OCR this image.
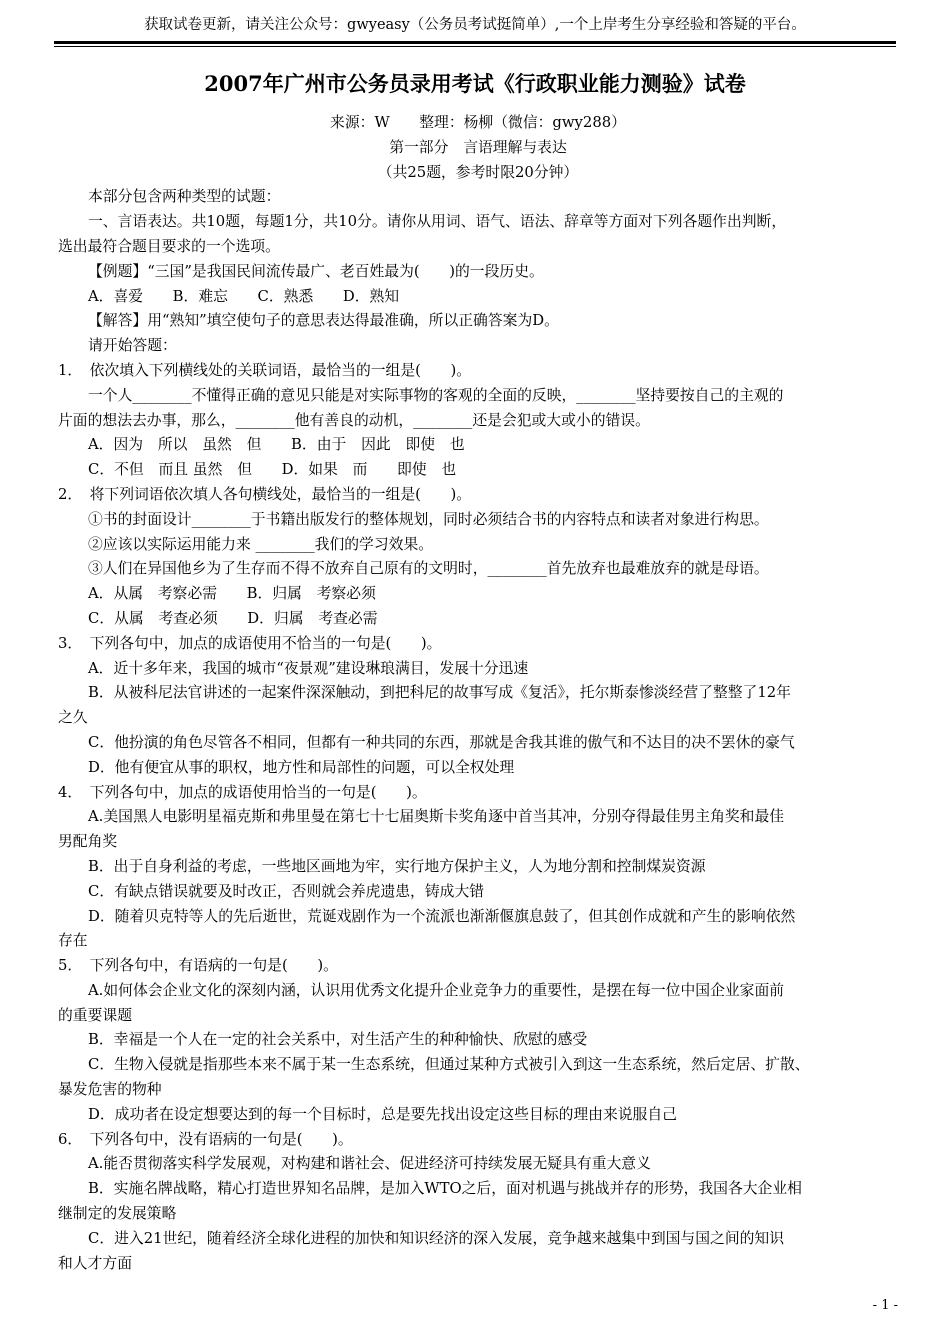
获取试卷更新，请关注公众号：gwyeasy（公务员考试挺简单）,一个上岸考生分享经验和答疑的平台。
2007年广州市公务员录用考试《行政职业能力测验》试卷
来源：W　　整理：杨柳（微信：gwy288）
第一部分　言语理解与表达
（共25题，参考时限20分钟）
本部分包含两种类型的试题：
一、言语表达。共10题，每题1分，共10分。请你从用词、语气、语法、辞章等方面对下列各题作出判断，
选出最符合题目要求的一个选项。
【例题】“三国”是我国民间流传最广、老百姓最为(　　)的一段历史。
A．喜爱　　B．难忘　　C．熟悉　　D．熟知
【解答】用“熟知”填空使句子的意思表达得最准确，所以正确答案为D。
请开始答题：
1．　依次填入下列横线处的关联词语，最恰当的一组是(　　)。
一个人________不懂得正确的意见只能是对实际事物的客观的全面的反映，________坚持要按自己的主观的
片面的想法去办事，那么，________他有善良的动机，________还是会犯或大或小的错误。
A．因为　所以　虽然　但　　B．由于　因此　即使　也
C．不但　而且 虽然　但　　D．如果　而　　即使　也
2．　将下列词语依次填人各句横线处，最恰当的一组是(　　)。
①书的封面设计________于书籍出版发行的整体规划，同时必须结合书的内容特点和读者对象进行构思。
②应该以实际运用能力来 ________我们的学习效果。
③人们在异国他乡为了生存而不得不放弃自己原有的文明时，________首先放弃也最难放弃的就是母语。
A．从属　考察必需　　B．归属　考察必须
C．从属　考查必须　　D．归属　考查必需
3．　下列各句中，加点的成语使用不恰当的一句是(　　)。
A．近十多年来，我国的城市“夜景观”建设琳琅满目，发展十分迅速
B．从被科尼法官讲述的一起案件深深触动，到把科尼的故事写成《复活》，托尔斯泰惨淡经营了整整了12年
之久
C．他扮演的角色尽管各不相同，但都有一种共同的东西，那就是舍我其谁的傲气和不达目的决不罢休的豪气
D．他有便宜从事的职权，地方性和局部性的问题，可以全权处理
4．　下列各句中，加点的成语使用恰当的一句是(　　)。
A.美国黑人电影明星福克斯和弗里曼在第七十七届奥斯卡奖角逐中首当其冲，分别夺得最佳男主角奖和最佳
男配角奖
B．出于自身利益的考虑，一些地区画地为牢，实行地方保护主义，人为地分割和控制煤炭资源
C．有缺点错误就要及时改正，否则就会养虎遗患，铸成大错
D．随着贝克特等人的先后逝世，荒诞戏剧作为一个流派也渐渐偃旗息鼓了，但其创作成就和产生的影响依然
存在
5．　下列各句中，有语病的一句是(　　)。
A.如何体会企业文化的深刻内涵，认识用优秀文化提升企业竞争力的重要性，是摆在每一位中国企业家面前
的重要课题
B．幸福是一个人在一定的社会关系中，对生活产生的种种愉快、欣慰的感受
C．生物入侵就是指那些本来不属于某一生态系统，但通过某种方式被引入到这一生态系统，然后定居、扩散、
暴发危害的物种
D．成功者在设定想要达到的每一个目标时，总是要先找出设定这些目标的理由来说服自己
6．　下列各句中，没有语病的一句是(　　)。
A.能否贯彻落实科学发展观，对构建和谐社会、促进经济可持续发展无疑具有重大意义
B．实施名牌战略，精心打造世界知名品牌，是加入WTO之后，面对机遇与挑战并存的形势，我国各大企业相
继制定的发展策略
C．进入21世纪，随着经济全球化进程的加快和知识经济的深入发展，竞争越来越集中到国与国之间的知识
和人才方面
- 1 -
